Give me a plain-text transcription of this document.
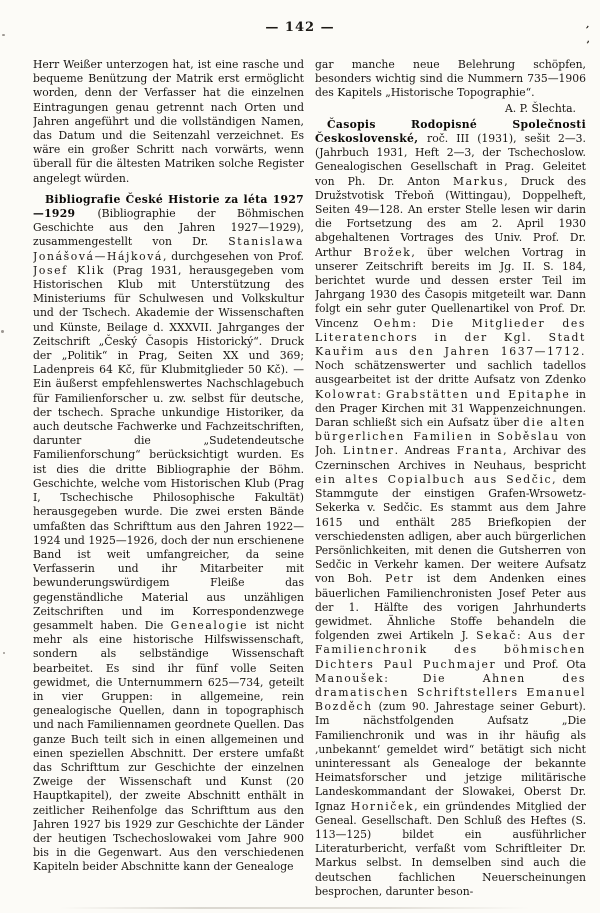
— 142 —	’
’

Herr Weißer unterzogen hat, ist eine rasche und bequeme Benützung der Matrik erst ermöglicht worden, denn der Verfasser hat die einzelnen Eintragungen genau getrennt nach Orten und Jahren angeführt und die vollständigen Namen, das Datum und die Seitenzahl verzeichnet. Es wäre ein großer Schritt nach vorwärts, wenn überall für die ältesten Matriken solche Register angelegt würden.

Bibliografie České Historie za léta 1927—1929 (Bibliographie der Böhmischen Geschichte aus den Jahren 1927—1929), zusammengestellt von Dr. Stanislawa Jonášová—Hájková, durchgesehen von Prof. Josef Klik (Prag 1931, herausgegeben vom Historischen Klub mit Unterstützung des Ministeriums für Schulwesen und Volkskultur und der Tschech. Akademie der Wissenschaften und Künste, Beilage d. XXXVII. Jahrganges der Zeitschrift „Český Časopis Historický“. Druck der „Politik“ in Prag, Seiten XX und 369; Ladenpreis 64 Kč, für Klubmitglieder 50 Kč). — Ein äußerst empfehlenswertes Nachschlagebuch für Familienforscher u. zw. selbst für deutsche, der tschech. Sprache unkundige Historiker, da auch deutsche Fachwerke und Fachzeitschriften, darunter die „Sudetendeutsche Familienforschung“ berücksichtigt wurden. Es ist dies die dritte Bibliographie der Böhm. Geschichte, welche vom Historischen Klub (Prag I, Tschechische Philosophische Fakultät) herausgegeben wurde. Die zwei ersten Bände umfaßten das Schrifttum aus den Jahren 1922—1924 und 1925—1926, doch der nun erschienene Band ist weit umfangreicher, da seine Verfasserin und ihr Mitarbeiter mit bewunderungswürdigem Fleiße das gegenständliche Material aus unzähligen Zeitschriften und im Korrespondenzwege gesammelt haben. Die Genealogie ist nicht mehr als eine historische Hilfswissenschaft, sondern als selbständige Wissenschaft bearbeitet. Es sind ihr fünf volle Seiten gewidmet, die Unternummern 625—734, geteilt in vier Gruppen: in allgemeine, rein genealogische Quellen, dann in topographisch und nach Familiennamen geordnete Quellen. Das ganze Buch teilt sich in einen allgemeinen und einen speziellen Abschnitt. Der erstere umfaßt das Schrifttum zur Geschichte der einzelnen Zweige der Wissenschaft und Kunst (20 Hauptkapitel), der zweite Abschnitt enthält in zeitlicher Reihenfolge das Schrifttum aus den Jahren 1927 bis 1929 zur Geschichte der Länder der heutigen Tschechoslowakei vom Jahre 900 bis in die Gegenwart. Aus den verschiedenen Kapiteln beider Abschnitte kann der Genealoge

gar manche neue Belehrung schöpfen, besonders wichtig sind die Nummern 735—1906 des Kapitels „Historische Topographie“.

A. P. Šlechta.

Časopis Rodopisné Společnosti Československé, roč. III (1931), sešit 2—3. (Jahrbuch 1931, Heft 2—3, der Tschechoslow. Genealogischen Gesellschaft in Prag. Geleitet von Ph. Dr. Anton Markus, Druck des Družstvotisk Třeboň (Wittingau), Doppelheft, Seiten 49—128. An erster Stelle lesen wir darin die Fortsetzung des am 2. April 1930 abgehaltenen Vortrages des Univ. Prof. Dr. Arthur Brožek, über welchen Vortrag in unserer Zeitschrift bereits im Jg. II. S. 184, berichtet wurde und dessen erster Teil im Jahrgang 1930 des Časopis mitgeteilt war. Dann folgt ein sehr guter Quellenartikel von Prof. Dr. Vincenz Oehm: Die Mitglieder des Literatenchors in der Kgl. Stadt Kauřim aus den Jahren 1637—1712. Noch schätzenswerter und sachlich tadellos ausgearbeitet ist der dritte Aufsatz von Zdenko Kolowrat: Grabstätten und Epitaphe in den Prager Kirchen mit 31 Wappenzeichnungen. Daran schließt sich ein Aufsatz über die alten bürgerlichen Familien in Soběslau von Joh. Lintner. Andreas Franta, Archivar des Czerninschen Archives in Neuhaus, bespricht ein altes Copialbuch aus Sedčic, dem Stammgute der einstigen Grafen-Wrsowetz-Sekerka v. Sedčic. Es stammt aus dem Jahre 1615 und enthält 285 Briefkopien der verschiedensten adligen, aber auch bürgerlichen Persönlichkeiten, mit denen die Gutsherren von Sedčic in Verkehr kamen. Der weitere Aufsatz von Boh. Petr ist dem Andenken eines bäuerlichen Familienchronisten Josef Peter aus der 1. Hälfte des vorigen Jahrhunderts gewidmet. Ähnliche Stoffe behandeln die folgenden zwei Artikeln J. Sekač: Aus der Familienchronik des böhmischen Dichters Paul Puchmajer und Prof. Ota Manoušek: Die Ahnen des dramatischen Schriftstellers Emanuel Bozděch (zum 90. Jahrestage seiner Geburt). Im nächstfolgenden Aufsatz „Die Familienchronik und was in ihr häufig als ‚unbekannt‘ gemeldet wird“ betätigt sich nicht uninteressant als Genealoge der bekannte Heimatsforscher und jetzige militärische Landeskommandant der Slowakei, Oberst Dr. Ignaz Horniček, ein gründendes Mitglied der Geneal. Gesellschaft. Den Schluß des Heftes (S. 113—125) bildet ein ausführlicher Literaturbericht, verfaßt vom Schriftleiter Dr. Markus selbst. In demselben sind auch die deutschen fachlichen Neuerscheinungen besprochen, darunter beson-
